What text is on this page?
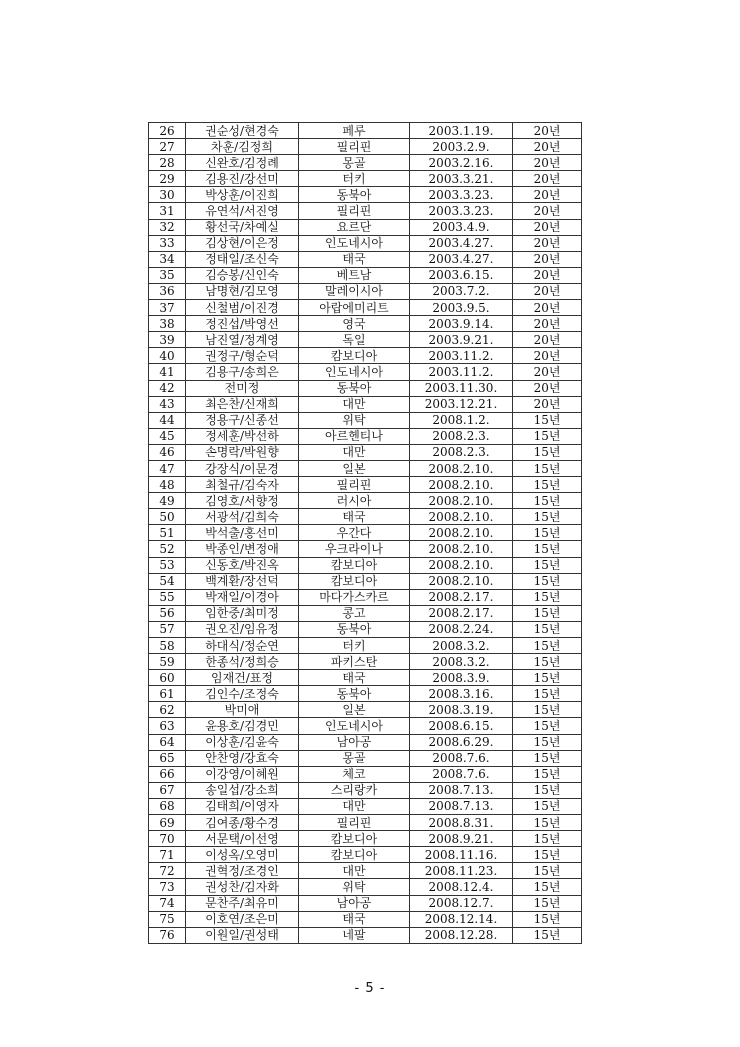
26	권순성/현경숙	페루	2003.1.19.	20년
27	차훈/김정희	필리핀	2003.2.9.	20년
28	신완호/김정례	몽골	2003.2.16.	20년
29	김용진/강선미	터키	2003.3.21.	20년
30	박상훈/이진희	동북아	2003.3.23.	20년
31	유연석/서진영	필리핀	2003.3.23.	20년
32	황선국/차예실	요르단	2003.4.9.	20년
33	김상현/이은정	인도네시아	2003.4.27.	20년
34	정태일/조신숙	태국	2003.4.27.	20년
35	김승봉/신인숙	베트남	2003.6.15.	20년
36	남명현/김모영	말레이시아	2003.7.2.	20년
37	신철범/이진경	아랍에미리트	2003.9.5.	20년
38	정진섭/박영선	영국	2003.9.14.	20년
39	남진열/정계영	독일	2003.9.21.	20년
40	권정구/형순덕	캄보디아	2003.11.2.	20년
41	김용구/송희은	인도네시아	2003.11.2.	20년
42	전미정	동북아	2003.11.30.	20년
43	최은찬/신재희	대만	2003.12.21.	20년
44	정용구/신종선	위탁	2008.1.2.	15년
45	정세훈/박선하	아르헨티나	2008.2.3.	15년
46	손명락/박원향	대만	2008.2.3.	15년
47	강장식/이문경	일본	2008.2.10.	15년
48	최철규/김숙자	필리핀	2008.2.10.	15년
49	김영호/서향정	러시아	2008.2.10.	15년
50	서광석/김희숙	태국	2008.2.10.	15년
51	박석출/홍선미	우간다	2008.2.10.	15년
52	박종인/변정애	우크라이나	2008.2.10.	15년
53	신동호/박진옥	캄보디아	2008.2.10.	15년
54	백계환/장선덕	캄보디아	2008.2.10.	15년
55	박재일/이경아	마다가스카르	2008.2.17.	15년
56	임한중/최미정	콩고	2008.2.17.	15년
57	권오진/임유정	동북아	2008.2.24.	15년
58	하대식/정순연	터키	2008.3.2.	15년
59	한종석/정희승	파키스탄	2008.3.2.	15년
60	임재건/표정	태국	2008.3.9.	15년
61	김인수/조정숙	동북아	2008.3.16.	15년
62	박미애	일본	2008.3.19.	15년
63	윤용호/김경민	인도네시아	2008.6.15.	15년
64	이상훈/김윤숙	남아공	2008.6.29.	15년
65	안찬영/강효숙	몽골	2008.7.6.	15년
66	이강영/이혜원	체코	2008.7.6.	15년
67	송일섭/강소희	스리랑카	2008.7.13.	15년
68	김태희/이영자	대만	2008.7.13.	15년
69	김여종/황수경	필리핀	2008.8.31.	15년
70	서문택/이선영	캄보디아	2008.9.21.	15년
71	이성옥/오영미	캄보디아	2008.11.16.	15년
72	권혁정/조경인	대만	2008.11.23.	15년
73	권성찬/김자화	위탁	2008.12.4.	15년
74	문찬주/최유미	남아공	2008.12.7.	15년
75	이호연/조은미	태국	2008.12.14.	15년
76	이원일/권성태	네팔	2008.12.28.	15년
- 5 -
